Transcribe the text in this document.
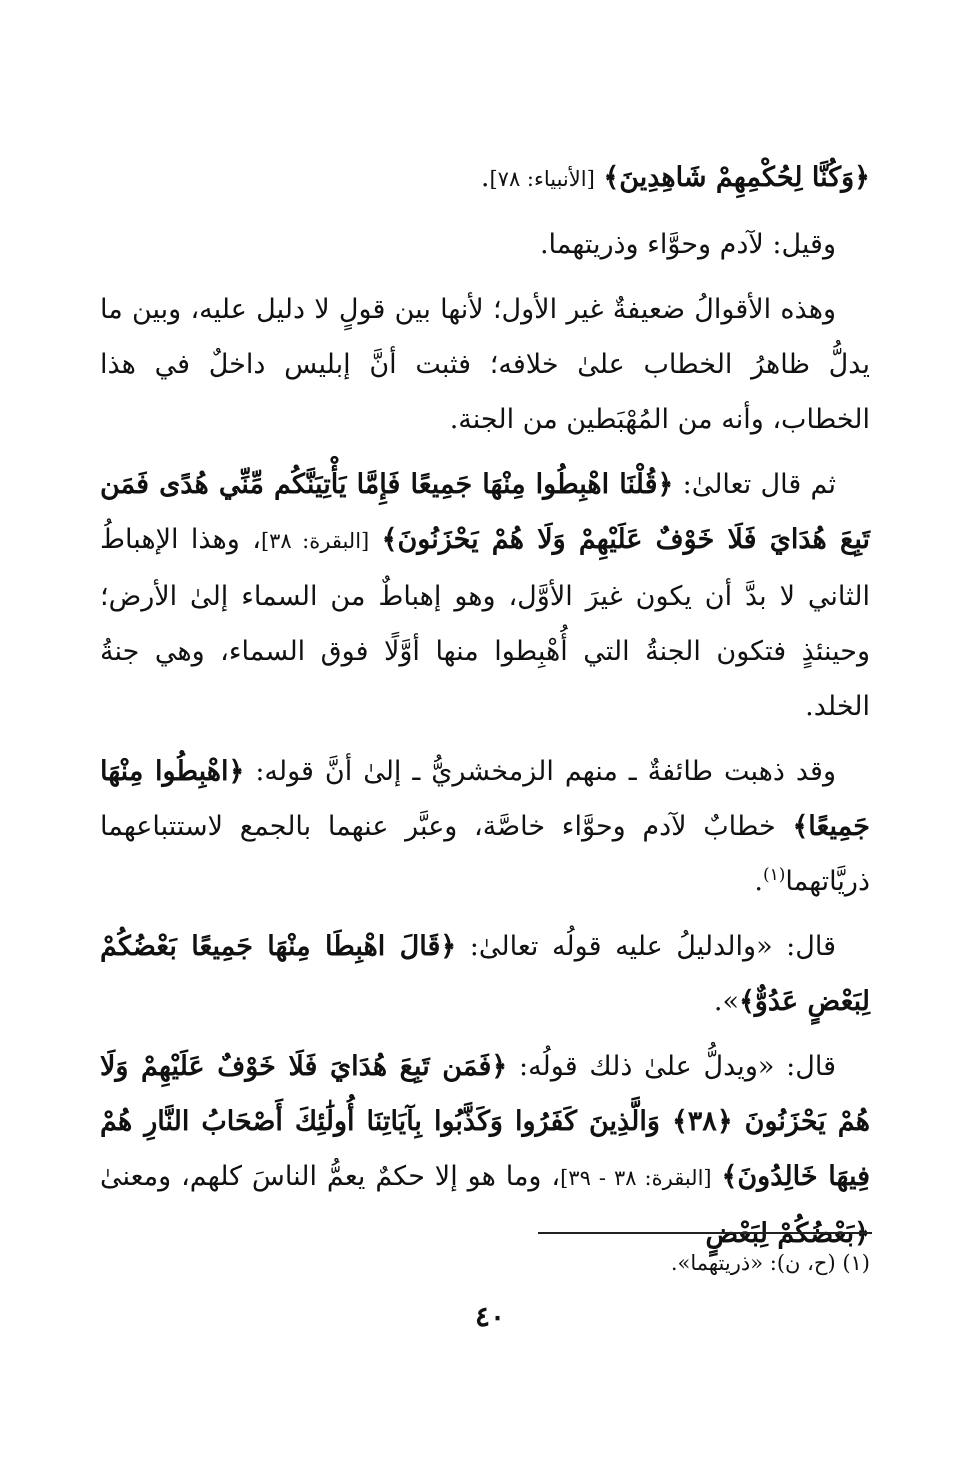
﴿وَكُنَّا لِحُكْمِهِمْ شَاهِدِينَ﴾ [الأنبياء: ٧٨].

وقيل: لآدم وحوَّاء وذريتهما.

وهذه الأقوالُ ضعيفةٌ غير الأول؛ لأنها بين قولٍ لا دليل عليه، وبين ما يدلُّ ظاهرُ الخطاب علىٰ خلافه؛ فثبت أنَّ إبليس داخلٌ في هذا الخطاب، وأنه من المُهْبَطين من الجنة.

ثم قال تعالىٰ: ﴿قُلْنَا اهْبِطُوا مِنْهَا جَمِيعًا فَإِمَّا يَأْتِيَنَّكُم مِّنِّي هُدًى فَمَن تَبِعَ هُدَايَ فَلَا خَوْفٌ عَلَيْهِمْ وَلَا هُمْ يَحْزَنُونَ﴾ [البقرة: ٣٨]، وهذا الإهباطُ الثاني لا بدَّ أن يكون غيرَ الأوَّل، وهو إهباطٌ من السماء إلىٰ الأرض؛ وحينئذٍ فتكون الجنةُ التي أُهْبِطوا منها أوَّلًا فوق السماء، وهي جنةُ الخلد.

وقد ذهبت طائفةٌ ـ منهم الزمخشريُّ ـ إلىٰ أنَّ قوله: ﴿اهْبِطُوا مِنْهَا جَمِيعًا﴾ خطابٌ لآدم وحوَّاء خاصَّة، وعبَّر عنهما بالجمع لاستتباعهما ذريَّاتهما$^{(١)}$.

قال: «والدليلُ عليه قولُه تعالىٰ: ﴿قَالَ اهْبِطَا مِنْهَا جَمِيعًا بَعْضُكُمْ لِبَعْضٍ عَدُوٌّ﴾».

قال: «ويدلُّ علىٰ ذلك قولُه: ﴿فَمَن تَبِعَ هُدَايَ فَلَا خَوْفٌ عَلَيْهِمْ وَلَا هُمْ يَحْزَنُونَ ﴿٣٨﴾ وَالَّذِينَ كَفَرُوا وَكَذَّبُوا بِآيَاتِنَا أُولَٰئِكَ أَصْحَابُ النَّارِ هُمْ فِيهَا خَالِدُونَ﴾ [البقرة: ٣٨ - ٣٩]، وما هو إلا حكمٌ يعمُّ الناسَ كلهم، ومعنىٰ ﴿بَعْضُكُمْ لِبَعْضٍ

(١) (ح، ن): «ذريتهما».
٤٠
